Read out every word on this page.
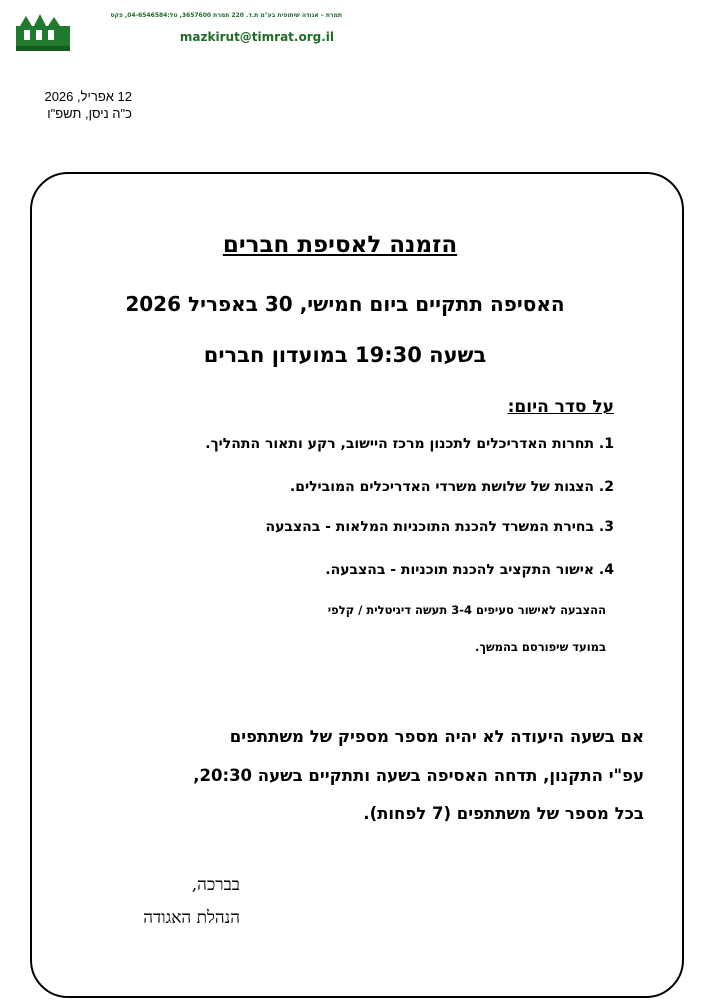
תמרת – אגודה שיתופית בע"מ ת.ד. 220 תמרת 3657600, טל:04-6546584, פקס
mazkirut@timrat.org.il
12 אפריל, 2026
כ"ה ניסן, תשפ"ו
הזמנה לאסיפת חברים
האסיפה תתקיים ביום חמישי, 30 באפריל 2026
בשעה 19:30 במועדון חברים
על סדר היום:
1. תחרות האדריכלים לתכנון מרכז היישוב, רקע ותאור התהליך.
2. הצגות של שלושת משרדי האדריכלים המובילים.
3. בחירת המשרד להכנת התוכניות המלאות - בהצבעה
4. אישור התקציב להכנת תוכניות - בהצבעה.
ההצבעה לאישור סעיפים 3-4 תעשה דיגיטלית / קלפי
במועד שיפורסם בהמשך.
אם בשעה היעודה לא יהיה מספר מספיק של משתתפים
עפ"י התקנון, תדחה האסיפה בשעה ותתקיים בשעה 20:30,
בכל מספר של משתתפים (7 לפחות).
בברכה,
הנהלת האגודה
